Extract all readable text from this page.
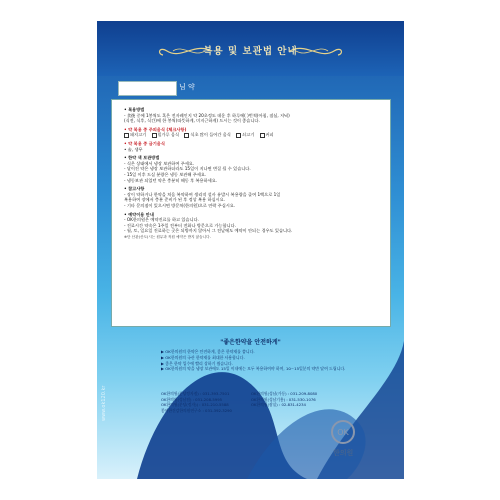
복용 및 보관법 안내
님 약
• 복용방법
- 食後 중에 1봉씩도 혹은 전자레인지 약 20초정도 데운 후 하루에( )번씩(아침, 점심, 저녁)
(식전, 식후, 식간)에 한 봉씩(따뜻하게, 미지근하게) 드시는 것이 좋습니다.
• 약 복용 중 주의음식 (체크사항)
돼지고기	밀가루 음식	식초 많이 들어간 음식	쇠고기	커피
• 약 복용 중 금기음식
• 술, 생무
• 한약 색 보관방법
- 식은 상태에서 냉장 보관하여 주세요.
- 달이진 약은 냉장 보관하더라도 15일이 지나면 변질 될 수 있습니다.
- 15일 이후 드실 분량은 냉동 보관해 주세요.
- 냉동보관 되었던 약은 충분히 해동 후 복용하세요.
• 참고사항
- 장이 약하거나 한약을 처음 복약하여 생리적 설사 유발시 복용량을 줄여 1백으로 1일
복용하여 장에서 충분 준비가 된 후 정상 복용 하십시요.
- 기타 문의점이 있으시면 방문처(한의원)으로 연락 주십시요.
• 예약이용 안내
- OK한의원은 예약진료를 하고 있습니다.
- 진료시간 약속은 1주일 전부터 전화나 방문으로 가능합니다.
- 월, 토, 일요일 진료하는 곳은 되방까지 않아서 그 전날에도 예약이 안되는 경우도 있습니다.
※단 산관(산도)시는 원무과 직원 예약은 받지 않습니다.
"좋은한약을 안전하게"
▶ OK한의원의 한약은 안전하게, 좋은 한약재를 씁니다.
▶ OK한의원의 국산 한약재를 최대한 사용합니다.
▶ 좋은 한약 입수에 빨리 상하기 쉽습니다.
▶ OK한의원의 약을 냉장 보관에도 15일 이내에는 모두 복용하여야 하며, 10~15일분의 약만 달여 드립니다.
OK한의원(분당정자점) : 031-393-7501	OK한의원(성남(가동) : 031-209-8080
OK한의원(성남점) : 031-208-5995	OK한의원(성남기흥) : 031-530-1076
OK한의원(분당(정자)) : 031-210-5588	OK한의원(잠실) : 02-831-4234
좋아한건강한의원연구소 : 031-392-3290
www.ok120.kr
OK
한의원
